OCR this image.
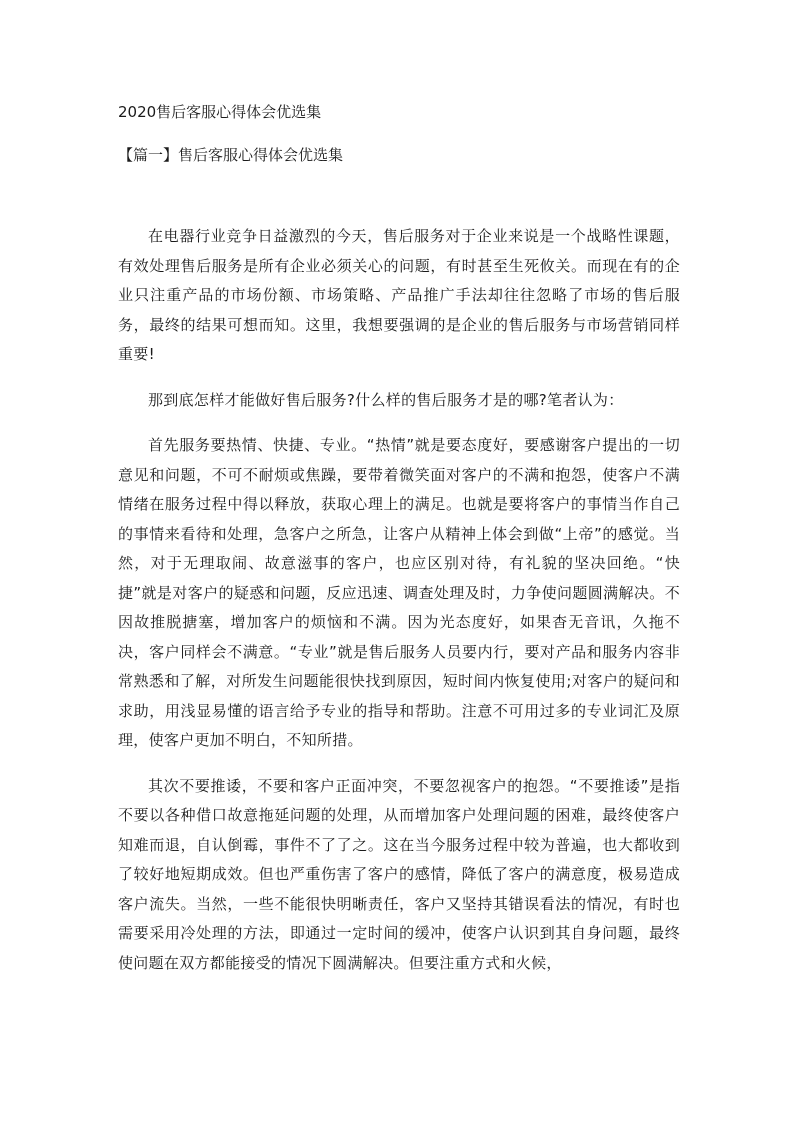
2020售后客服心得体会优选集
【篇一】售后客服心得体会优选集

在电器行业竞争日益激烈的今天，售后服务对于企业来说是一个战略性课题，有效处理售后服务是所有企业必须关心的问题，有时甚至生死攸关。而现在有的企业只注重产品的市场份额、市场策略、产品推广手法却往往忽略了市场的售后服务，最终的结果可想而知。这里，我想要强调的是企业的售后服务与市场营销同样重要!

那到底怎样才能做好售后服务?什么样的售后服务才是的哪?笔者认为：

首先服务要热情、快捷、专业。“热情”就是要态度好，要感谢客户提出的一切意见和问题，不可不耐烦或焦躁，要带着微笑面对客户的不满和抱怨，使客户不满情绪在服务过程中得以释放，获取心理上的满足。也就是要将客户的事情当作自己的事情来看待和处理，急客户之所急，让客户从精神上体会到做“上帝”的感觉。当然，对于无理取闹、故意滋事的客户，也应区别对待，有礼貌的坚决回绝。“快捷”就是对客户的疑惑和问题，反应迅速、调查处理及时，力争使问题圆满解决。不因故推脱搪塞，增加客户的烦恼和不满。因为光态度好，如果杳无音讯，久拖不决，客户同样会不满意。“专业”就是售后服务人员要内行，要对产品和服务内容非常熟悉和了解，对所发生问题能很快找到原因，短时间内恢复使用;对客户的疑问和求助，用浅显易懂的语言给予专业的指导和帮助。注意不可用过多的专业词汇及原理，使客户更加不明白，不知所措。

其次不要推诿，不要和客户正面冲突，不要忽视客户的抱怨。“不要推诿”是指不要以各种借口故意拖延问题的处理，从而增加客户处理问题的困难，最终使客户知难而退，自认倒霉，事件不了了之。这在当今服务过程中较为普遍，也大都收到了较好地短期成效。但也严重伤害了客户的感情，降低了客户的满意度，极易造成客户流失。当然，一些不能很快明晰责任，客户又坚持其错误看法的情况，有时也需要采用冷处理的方法，即通过一定时间的缓冲，使客户认识到其自身问题，最终使问题在双方都能接受的情况下圆满解决。但要注重方式和火候，
